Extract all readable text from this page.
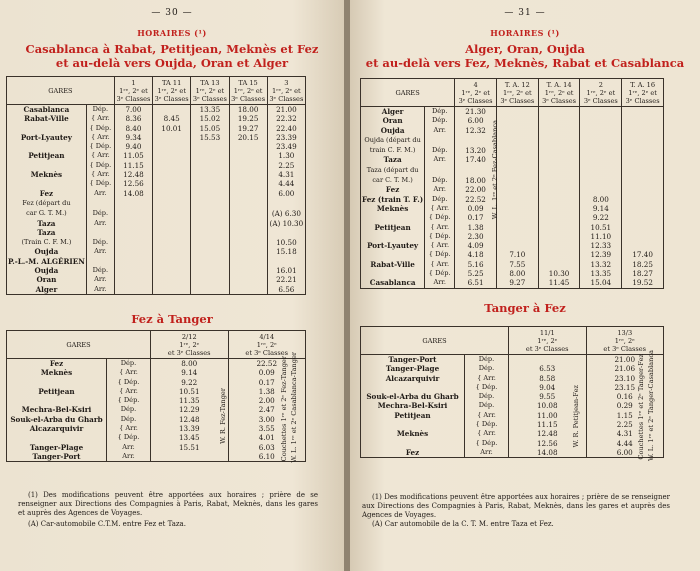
— 30 —
HORAIRES (¹)
Casablanca à Rabat, Petitjean, Meknès et Fez
et au-delà vers Oujda, Oran et Alger
GARES		1
1ʳᵉ, 2ᵉ et
3ᵉ Classes	TA 11
1ʳᵉ, 2ᵉ et
3ᵉ Classes	TA 13
1ʳᵉ, 2ᵉ et
3ᵉ Classes	TA 15
1ʳᵉ, 2ᵉ et
3ᵉ Classes	3
1ʳᵉ, 2ᵉ et
3ᵉ Classes
Casablanca	Dép.	7.00		13.35	18.00	21.00
Rabat-Ville	{ Arr.	8.36	8.45	15.02	19.25	22.32
	{ Dép.	8.40	10.01	15.05	19.27	22.40
Port-Lyautey	{ Arr.	9.34		15.53	20.15	23.39
	{ Dép.	9.40				23.49
Petitjean	{ Arr.	11.05				1.30
	{ Dép.	11.15				2.25
Meknès	{ Arr.	12.48				4.31
	{ Dép.	12.56				4.44
Fez	Arr.	14.08				6.00
Fez (départ du						
car G. T. M.)	Dép.					(A) 6.30
Taza	Arr.					(A) 10.30
Taza						
(Train C. F. M.)	Dép.					10.50
Oujda	Arr.					15.18

P.-L.-M. ALGÉRIEN						
Oujda	Dép.					16.01
Oran	Arr.					22.21
Alger	Arr.					6.56
Fez à Tanger
GARES		2/12
1ʳᵉ, 2ᵉ
et 3ᵉ Classes	4/14
1ʳᵉ, 2ᵉ
et 3ᵉ Classes
Fez	Dép.	8.00	22.52
Meknès	{ Arr.	9.14	0.09
	{ Dép.	9.22	0.17
Petitjean	{ Arr.	10.51	1.38
	{ Dép.	11.35	2.00
Mechra-Bel-Ksiri	Dép.	12.29	2.47
Souk-el-Arba du Gharb	Dép.	12.48	3.00
Alcazarquivir	{ Arr.	13.39	3.55
	{ Dép.	13.45	4.01
Tanger-Plage	Arr.	15.51	6.03
Tanger-Port	Arr.		6.10
W. R. Fez-Tanger	Couchettes 1ʳᵉ et 2ᵉ Fez-Tanger W. L. 1ʳᵉ et 2ᵉ Casablanca-Tanger
(1) Des modifications peuvent être apportées aux horaires ; prière de se renseigner aux Directions des Compagnies à Paris, Rabat, Meknès, dans les gares et auprès des Agences de Voyages.
(A) Car-automobile C.T.M. entre Fez et Taza.
— 31 —
HORAIRES (¹)
Alger, Oran, Oujda
et au-delà vers Fez, Meknès, Rabat et Casablanca
GARES		4
1ʳᵉ, 2ᵉ et
3ᵉ Classes	T. A. 12
1ʳᵉ, 2ᵉ et
3ᵉ Classes	T. A. 14
1ʳᵉ, 2ᵉ et
3ᵉ Classes	2
1ʳᵉ, 2ᵉ et
3ᵉ Classes	T. A. 16
1ʳᵉ, 2ᵉ et
3ᵉ Classes
Alger	Dép.	21.30				
Oran	Dép.	6.00				
Oujda	Arr.	12.32				
Oujda (départ du						
train C. F. M.)	Dép.	13.20				
Taza	Arr.	17.40				
Taza (départ du						
car C. T. M.)	Dép.	18.00				
Fez	Arr.	22.00				
Fez (train T. F.)	Dép.	22.52			8.00	
Meknès	{ Arr.	0.09			9.14	
	{ Dép.	0.17			9.22	
Petitjean	{ Arr.	1.38			10.51	
	{ Dép.	2.30			11.10	
Port-Lyautey	{ Arr.	4.09			12.33	
	{ Dép.	4.18	7.10		12.39	17.40
Rabat-Ville	{ Arr.	5.16	7.55		13.32	18.25
	{ Dép.	5.25	8.00	10.30	13.35	18.27
Casablanca	Arr.	6.51	9.27	11.45	15.04	19.52
W. L. 1ʳᵉ et 2ᵉ Fez-Casablanca
Tanger à Fez
GARES		11/1
1ʳᵉ, 2ᵉ
et 3ᵉ Classes	13/3
1ʳᵉ, 2ᵉ
et 3ᵉ Classes
Tanger-Port	Dép.		21.00
Tanger-Plage	Dép.	6.53	21.06
Alcazarquivir	{ Arr.	8.58	23.10
	{ Dép.	9.04	23.15
Souk-el-Arba du Gharb	Dép.	9.55	0.16
Mechra-Bel-Ksiri	Dép.	10.08	0.29
Petitjean	{ Arr.	11.00	1.15
	{ Dép.	11.15	2.25
Meknès	{ Arr.	12.48	4.31
	{ Dép.	12.56	4.44
Fez	Arr.	14.08	6.00
W. R. Petitjean-Fez	Couchettes 1ʳᵉ et 2ᵉ Tanger-Fez W. L. 1ʳᵉ et 2ᵉ Tanger-Casablanca
(1) Des modifications peuvent être apportées aux horaires ; prière de se renseigner aux Directions des Compagnies à Paris, Rabat, Meknès, dans les gares et auprès des Agences de Voyages.
(A) Car automobile de la C. T. M. entre Taza et Fez.
